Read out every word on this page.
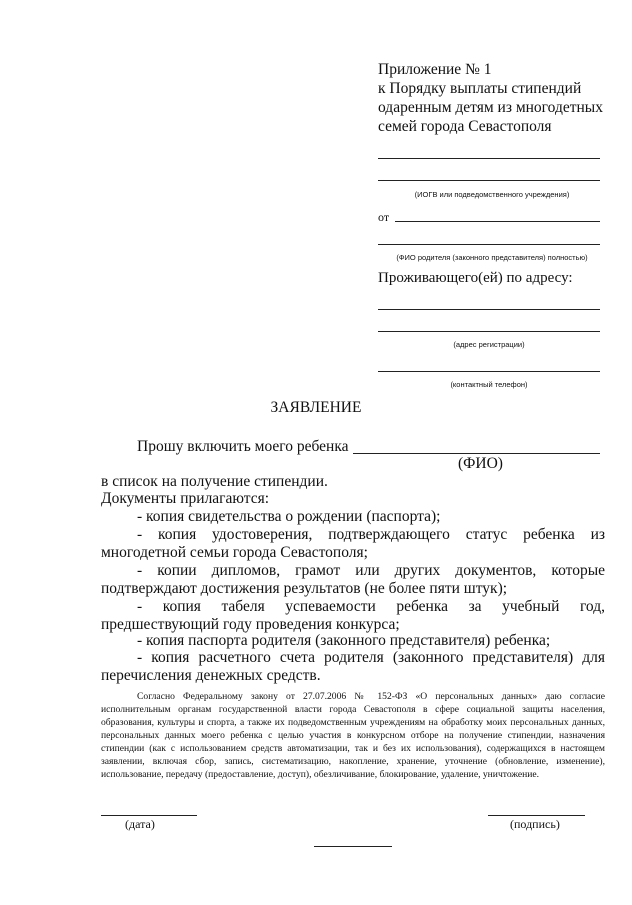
Приложение № 1
к Порядку выплаты стипендий
одаренным детям из многодетных
семей города Севастополя
(ИОГВ или подведомственного учреждения)
от
(ФИО родителя (законного представителя) полностью)
Проживающего(ей) по адресу:
(адрес регистрации)
(контактный телефон)
ЗАЯВЛЕНИЕ
Прошу включить моего ребенка
(ФИО)
в список на получение стипендии.
Документы прилагаются:
- копия свидетельства о рождении (паспорта);
- копия удостоверения, подтверждающего статус ребенка из многодетной семьи города Севастополя;
- копии дипломов, грамот или других документов, которые подтверждают достижения результатов (не более пяти штук);
- копия табеля успеваемости ребенка за учебный год, предшествующий году проведения конкурса;
- копия паспорта родителя (законного представителя) ребенка;
- копия расчетного счета родителя (законного представителя) для перечисления денежных средств.
Согласно Федеральному закону от 27.07.2006 № 152-ФЗ «О персональных данных» даю согласие исполнительным органам государственной власти города Севастополя в сфере социальной защиты населения, образования, культуры и спорта, а также их подведомственным учреждениям на обработку моих персональных данных, персональных данных моего ребенка с целью участия в конкурсном отборе на получение стипендии, назначения стипендии (как с использованием средств автоматизации, так и без их использования), содержащихся в настоящем заявлении, включая сбор, запись, систематизацию, накопление, хранение, уточнение (обновление, изменение), использование, передачу (предоставление, доступ), обезличивание, блокирование, удаление, уничтожение.
(дата)	(подпись)
